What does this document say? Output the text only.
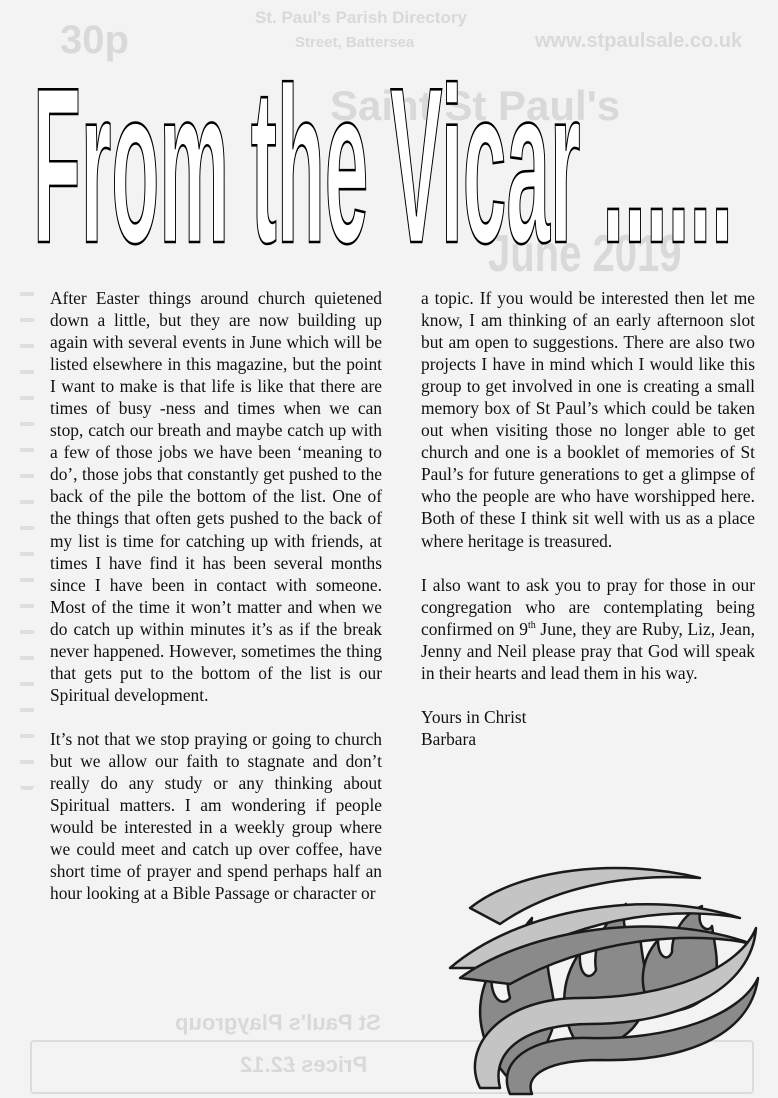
St. Paul's Parish Directory
Street, Battersea	www.stpaulsale.co.uk
30p
Saint St Paul's
June 2019
St Paul's Playgroup
Prices £2.12
From the Vicar ......

After Easter things around church quietened down a little, but they are now building up again with several events in June which will be listed elsewhere in this magazine, but the point I want to make is that life is like that there are times of busy -ness and times when we can stop, catch our breath and maybe catch up with a few of those jobs we have been ‘meaning to do’, those jobs that constantly get pushed to the back of the pile the bottom of the list. One of the things that often gets pushed to the back of my list is time for catching up with friends, at times I have find it has been several months since I have been in contact with someone. Most of the time it won’t matter and when we do catch up within minutes it’s as if the break never happened. However, sometimes the thing that gets put to the bottom of the list is our Spiritual development.

It’s not that we stop praying or going to church but we allow our faith to stagnate and don’t really do any study or any thinking about Spiritual matters. I am wondering if people would be interested in a weekly group where we could meet and catch up over coffee, have short time of prayer and spend perhaps half an hour looking at a Bible Passage or character or

a topic. If you would be interested then let me know, I am thinking of an early afternoon slot but am open to suggestions. There are also two projects I have in mind which I would like this group to get involved in one is creating a small memory box of St Paul’s which could be taken out when visiting those no longer able to get church and one is a booklet of memories of St Paul’s for future generations to get a glimpse of who the people are who have worshipped here. Both of these I think sit well with us as a place where heritage is treasured.

I also want to ask you to pray for those in our congregation who are contemplating being confirmed on 9th June, they are Ruby, Liz, Jean, Jenny and Neil please pray that God will speak in their hearts and lead them in his way.

Yours in Christ
Barbara
